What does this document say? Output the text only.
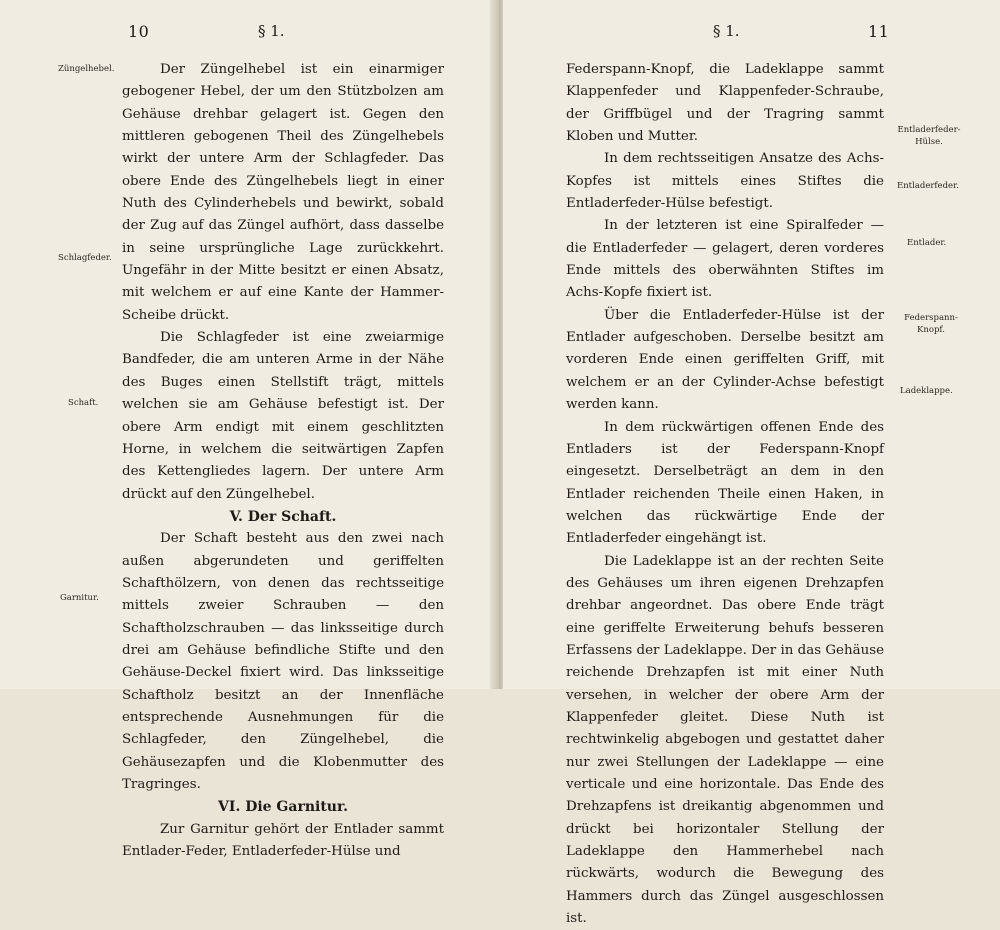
10	§ 1.
Züngelhebel.
Schlagfeder.
Schaft.
Garnitur.

Der Züngelhebel ist ein einarmiger gebogener Hebel, der um den Stützbolzen am Gehäuse drehbar gelagert ist. Gegen den mittleren gebogenen Theil des Züngelhebels wirkt der untere Arm der Schlagfeder. Das obere Ende des Züngelhebels liegt in einer Nuth des Cylinderhebels und bewirkt, sobald der Zug auf das Züngel aufhört, dass dasselbe in seine ursprüngliche Lage zurückkehrt. Ungefähr in der Mitte besitzt er einen Absatz, mit welchem er auf eine Kante der Hammer-Scheibe drückt.

Die Schlagfeder ist eine zweiarmige Bandfeder, die am unteren Arme in der Nähe des Buges einen Stellstift trägt, mittels welchen sie am Gehäuse befestigt ist. Der obere Arm endigt mit einem geschlitzten Horne, in welchem die seitwärtigen Zapfen des Kettengliedes lagern. Der untere Arm drückt auf den Züngelhebel.

V. Der Schaft.

Der Schaft besteht aus den zwei nach außen abgerundeten und geriffelten Schafthölzern, von denen das rechtsseitige mittels zweier Schrauben — den Schaftholzschrauben — das linksseitige durch drei am Gehäuse befindliche Stifte und den Gehäuse-Deckel fixiert wird. Das linksseitige Schaftholz besitzt an der Innenfläche entsprechende Ausnehmungen für die Schlagfeder, den Züngelhebel, die Gehäusezapfen und die Klobenmutter des Tragringes.

VI. Die Garnitur.

Zur Garnitur gehört der Entlader sammt Entlader-Feder, Entladerfeder-Hülse und

§ 1.	11
Entladerfeder-Hülse.
Entladerfeder.
Entlader.
Federspann-Knopf.
Ladeklappe.

Federspann-Knopf, die Ladeklappe sammt Klappenfeder und Klappenfeder-Schraube, der Griffbügel und der Tragring sammt Kloben und Mutter.

In dem rechtsseitigen Ansatze des Achs-Kopfes ist mittels eines Stiftes die Entladerfeder-Hülse befestigt.

In der letzteren ist eine Spiralfeder — die Entladerfeder — gelagert, deren vorderes Ende mittels des oberwähnten Stiftes im Achs-Kopfe fixiert ist.

Über die Entladerfeder-Hülse ist der Entlader aufgeschoben. Derselbe besitzt am vorderen Ende einen geriffelten Griff, mit welchem er an der Cylinder-Achse befestigt werden kann.

In dem rückwärtigen offenen Ende des Entladers ist der Federspann-Knopf eingesetzt. Derselbeträgt an dem in den Entlader reichenden Theile einen Haken, in welchen das rückwärtige Ende der Entladerfeder eingehängt ist.

Die Ladeklappe ist an der rechten Seite des Gehäuses um ihren eigenen Drehzapfen drehbar angeordnet. Das obere Ende trägt eine geriffelte Erweiterung behufs besseren Erfassens der Ladeklappe. Der in das Gehäuse reichende Drehzapfen ist mit einer Nuth versehen, in welcher der obere Arm der Klappenfeder gleitet. Diese Nuth ist rechtwinkelig abgebogen und gestattet daher nur zwei Stellungen der Ladeklappe — eine verticale und eine horizontale. Das Ende des Drehzapfens ist dreikantig abgenommen und drückt bei horizontaler Stellung der Ladeklappe den Hammerhebel nach rückwärts, wodurch die Bewegung des Hammers durch das Züngel ausgeschlossen ist.
